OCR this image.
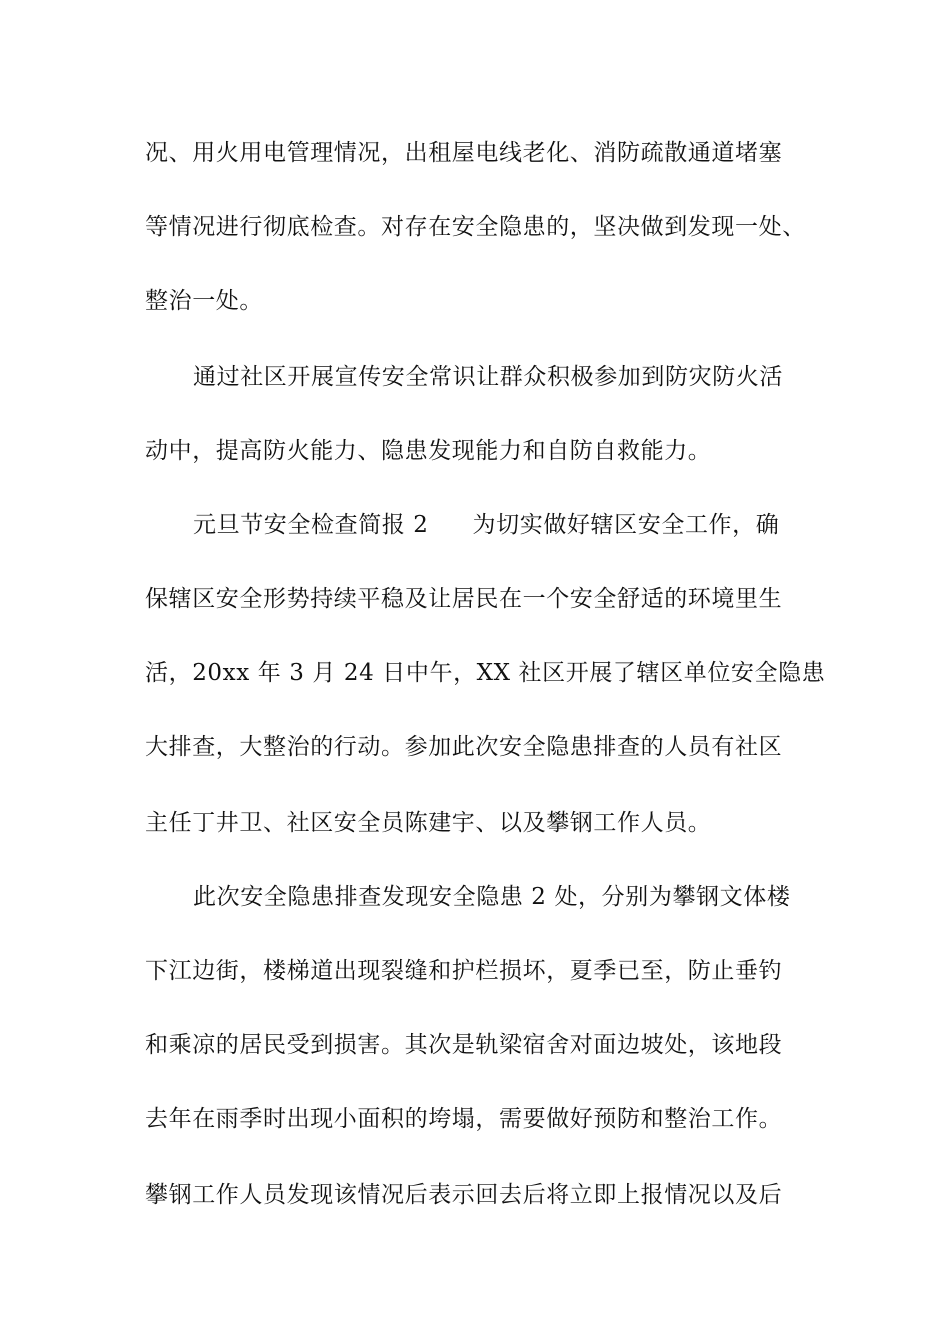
况、用火用电管理情况，出租屋电线老化、消防疏散通道堵塞
等情况进行彻底检查。对存在安全隐患的，坚决做到发现一处、
整治一处。
通过社区开展宣传安全常识让群众积极参加到防灾防火活
动中，提高防火能力、隐患发现能力和自防自救能力。
元旦节安全检查简报 2 为切实做好辖区安全工作，确
保辖区安全形势持续平稳及让居民在一个安全舒适的环境里生
活，20xx 年 3 月 24 日中午，XX 社区开展了辖区单位安全隐患
大排查，大整治的行动。参加此次安全隐患排查的人员有社区
主任丁井卫、社区安全员陈建宇、以及攀钢工作人员。
此次安全隐患排查发现安全隐患 2 处，分别为攀钢文体楼
下江边街，楼梯道出现裂缝和护栏损坏，夏季已至，防止垂钓
和乘凉的居民受到损害。其次是轨梁宿舍对面边坡处，该地段
去年在雨季时出现小面积的垮塌，需要做好预防和整治工作。
攀钢工作人员发现该情况后表示回去后将立即上报情况以及后
